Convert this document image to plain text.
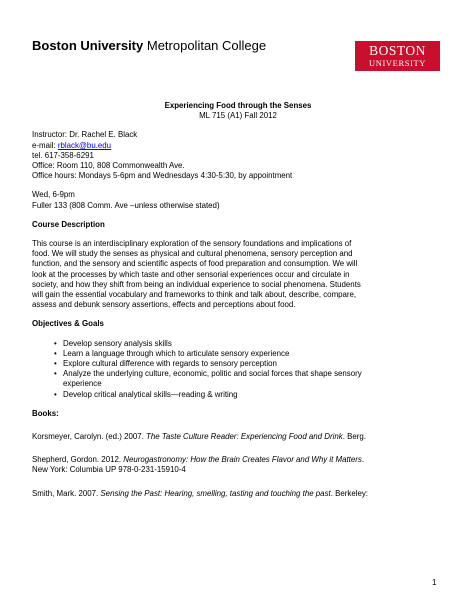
Boston University Metropolitan College	BOSTON
UNIVERSITY

Experiencing Food through the Senses

ML 715 (A1) Fall 2012

Instructor: Dr. Rachel E. Black

e-mail: rblack@bu.edu

tel. 617-358-6291

Office: Room 110, 808 Commonwealth Ave.

Office hours: Mondays 5-6pm and Wednesdays 4:30-5:30, by appointment

Wed, 6-9pm

Fuller 133 (808 Comm. Ave –unless otherwise stated)

Course Description

This course is an interdisciplinary exploration of the sensory foundations and implications of

food. We will study the senses as physical and cultural phenomena, sensory perception and

function, and the sensory and scientific aspects of food preparation and consumption. We will

look at the processes by which taste and other sensorial experiences occur and circulate in

society, and how they shift from being an individual experience to social phenomena. Students

will gain the essential vocabulary and frameworks to think and talk about, describe, compare,

assess and debunk sensory assertions, effects and perceptions about food.

Objectives & Goals

• Develop sensory analysis skills
• Learn a language through which to articulate sensory experience
• Explore cultural difference with regards to sensory perception
• Analyze the underlying culture, economic, politic and social forces that shape sensory
experience
• Develop critical analytical skills—reading & writing

Books:

Korsmeyer, Carolyn. (ed.) 2007. The Taste Culture Reader: Experiencing Food and Drink. Berg.

Shepherd, Gordon. 2012. Neurogastronomy: How the Brain Creates Flavor and Why it Matters.

New York: Columbia UP 978-0-231-15910-4

Smith, Mark. 2007. Sensing the Past: Hearing, smelling, tasting and touching the past. Berkeley:

1
